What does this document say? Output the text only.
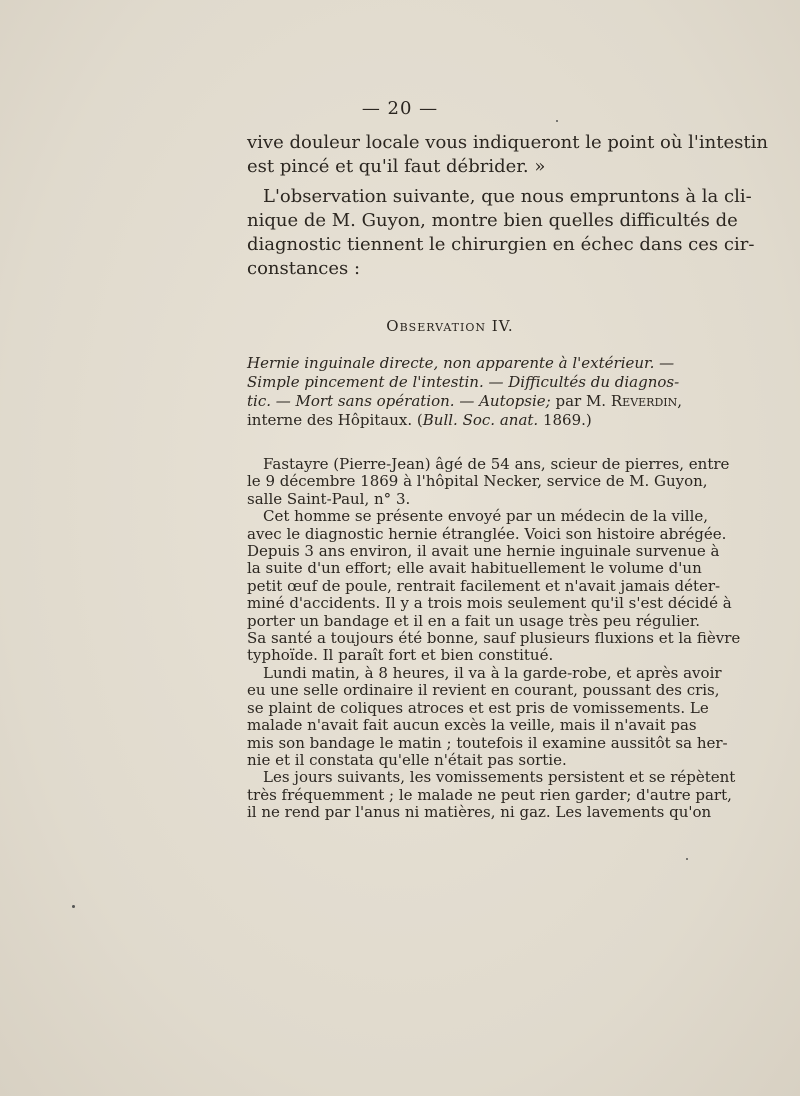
— 20 —
vive douleur locale vous indiqueront le point où l'intestin
est pincé et qu'il faut débrider. »
L'observation suivante, que nous empruntons à la cli-
nique de M. Guyon, montre bien quelles difficultés de
diagnostic tiennent le chirurgien en échec dans ces cir-
constances :
Observation IV.
Hernie inguinale directe, non apparente à l'extérieur. —
Simple pincement de l'intestin. — Difficultés du diagnos-
tic. — Mort sans opération. — Autopsie; par M. Reverdin,
interne des Hôpitaux. (Bull. Soc. anat. 1869.)
Fastayre (Pierre-Jean) âgé de 54 ans, scieur de pierres, entre
le 9 décembre 1869 à l'hôpital Necker, service de M. Guyon,
salle Saint-Paul, n° 3.
Cet homme se présente envoyé par un médecin de la ville,
avec le diagnostic hernie étranglée. Voici son histoire abrégée.
Depuis 3 ans environ, il avait une hernie inguinale survenue à
la suite d'un effort; elle avait habituellement le volume d'un
petit œuf de poule, rentrait facilement et n'avait jamais déter-
miné d'accidents. Il y a trois mois seulement qu'il s'est décidé à
porter un bandage et il en a fait un usage très peu régulier.
Sa santé a toujours été bonne, sauf plusieurs fluxions et la fièvre
typhoïde. Il paraît fort et bien constitué.
Lundi matin, à 8 heures, il va à la garde-robe, et après avoir
eu une selle ordinaire il revient en courant, poussant des cris,
se plaint de coliques atroces et est pris de vomissements. Le
malade n'avait fait aucun excès la veille, mais il n'avait pas
mis son bandage le matin ; toutefois il examine aussitôt sa her-
nie et il constata qu'elle n'était pas sortie.
Les jours suivants, les vomissements persistent et se répètent
très fréquemment ; le malade ne peut rien garder; d'autre part,
il ne rend par l'anus ni matières, ni gaz. Les lavements qu'on
